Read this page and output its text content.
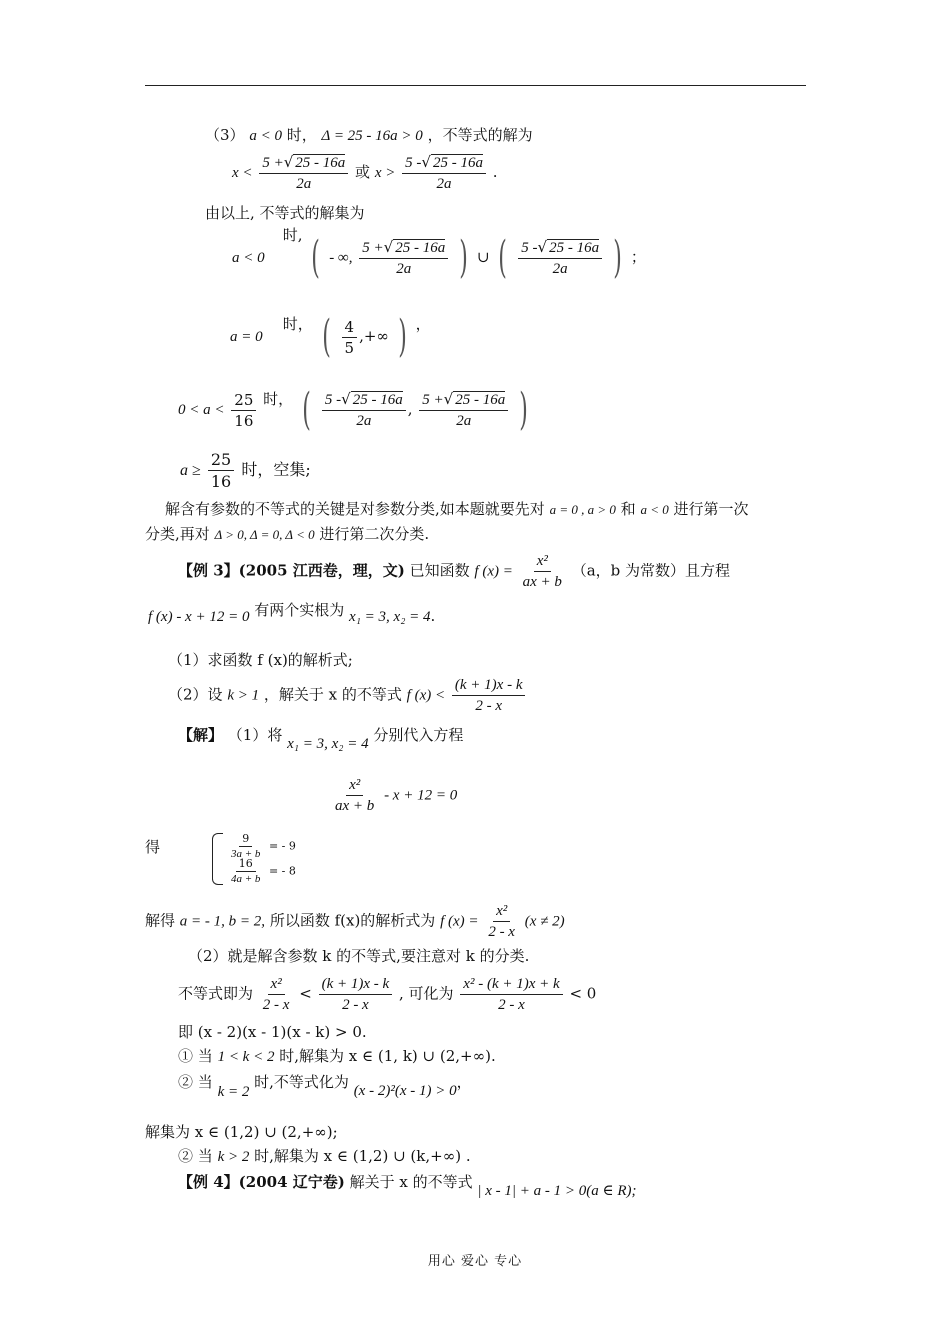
（3） a < 0 时， Δ = 25 - 16a > 0 ，不等式的解为
$x < \frac{5 +√ 25 - 16a}{2a}$ 或 $x > \frac{5 -√ 25 - 16a}{2a}$ .
由以上, 不等式的解集为
a < 0 时, ( - ∞, $\frac{5 +√ 25 - 16a}{2a}$ ) ∪ ( $\frac{5 -√ 25 - 16a}{2a}$ ) ；
a = 0 时， ( $\frac{4}{5}$ ,+∞ ) ，
$0 < a < \frac{25}{16}$ 时， ( $\frac{5 -√ 25 - 16a}{2a}$ , $\frac{5 +√ 25 - 16a}{2a}$ )
$a \ge \frac{25}{16}$ 时，空集;
解含有参数的不等式的关键是对参数分类,如本题就要先对 a = 0 , a > 0 和 a < 0 进行第一次
分类,再对 Δ > 0, Δ = 0, Δ < 0 进行第二次分类.
【例 3】(2005 江西卷，理，文) 已知函数 f $(x) = \frac{\text{x²}}{ax + b} (a$，b 为常数）且方程
f (x) - x + 12 = 0 有两个实根为 x₁ = 3, x₂ = 4.
（1）求函数 f (x)的解析式;
（2）设 k > 1 ，解关于 x 的不等式 f $(x) < \frac{(k + 1)x - k}{2 - x}$
【解】 （1）将 x₁ = 3, x₂ = 4 分别代入方程
$\frac{\text{x²}}{ax + b} - x + 12 = 0$
得	$\frac{9}{3a + b}$ = - 9
$\frac{16}{4a + b}$ = - 8
解得 a = - 1, b = 2, 所以函数 f(x)的解析式为 f $(x) = \frac{\text{x²}}{2 - x} (x \ne 2)$
（2）就是解含参数 k 的不等式,要注意对 k 的分类.
不等式即为 $\frac{\text{x²}}{2 - x} < \frac{(k + 1)x - k}{2 - x}$ , 可化为 $\frac{\text{x² - (k + 1)x + k}}{2 - x} < 0$
即 (x - 2)(x - 1)(x - k) > 0.
① 当 1 < k < 2 时,解集为 x ∈ (1, k) ∪ (2,+∞).
② 当 k = 2 时,不等式化为 (x - 2)²(x - 1) > 0，
解集为 x ∈ (1,2) ∪ (2,+∞);
② 当 k > 2 时,解集为 x ∈ (1,2) ∪ (k,+∞) .
【例 4】(2004 辽宁卷) 解关于 x 的不等式 | x - 1| + a - 1 > 0(a ∈ R);
用心 爱心 专心
